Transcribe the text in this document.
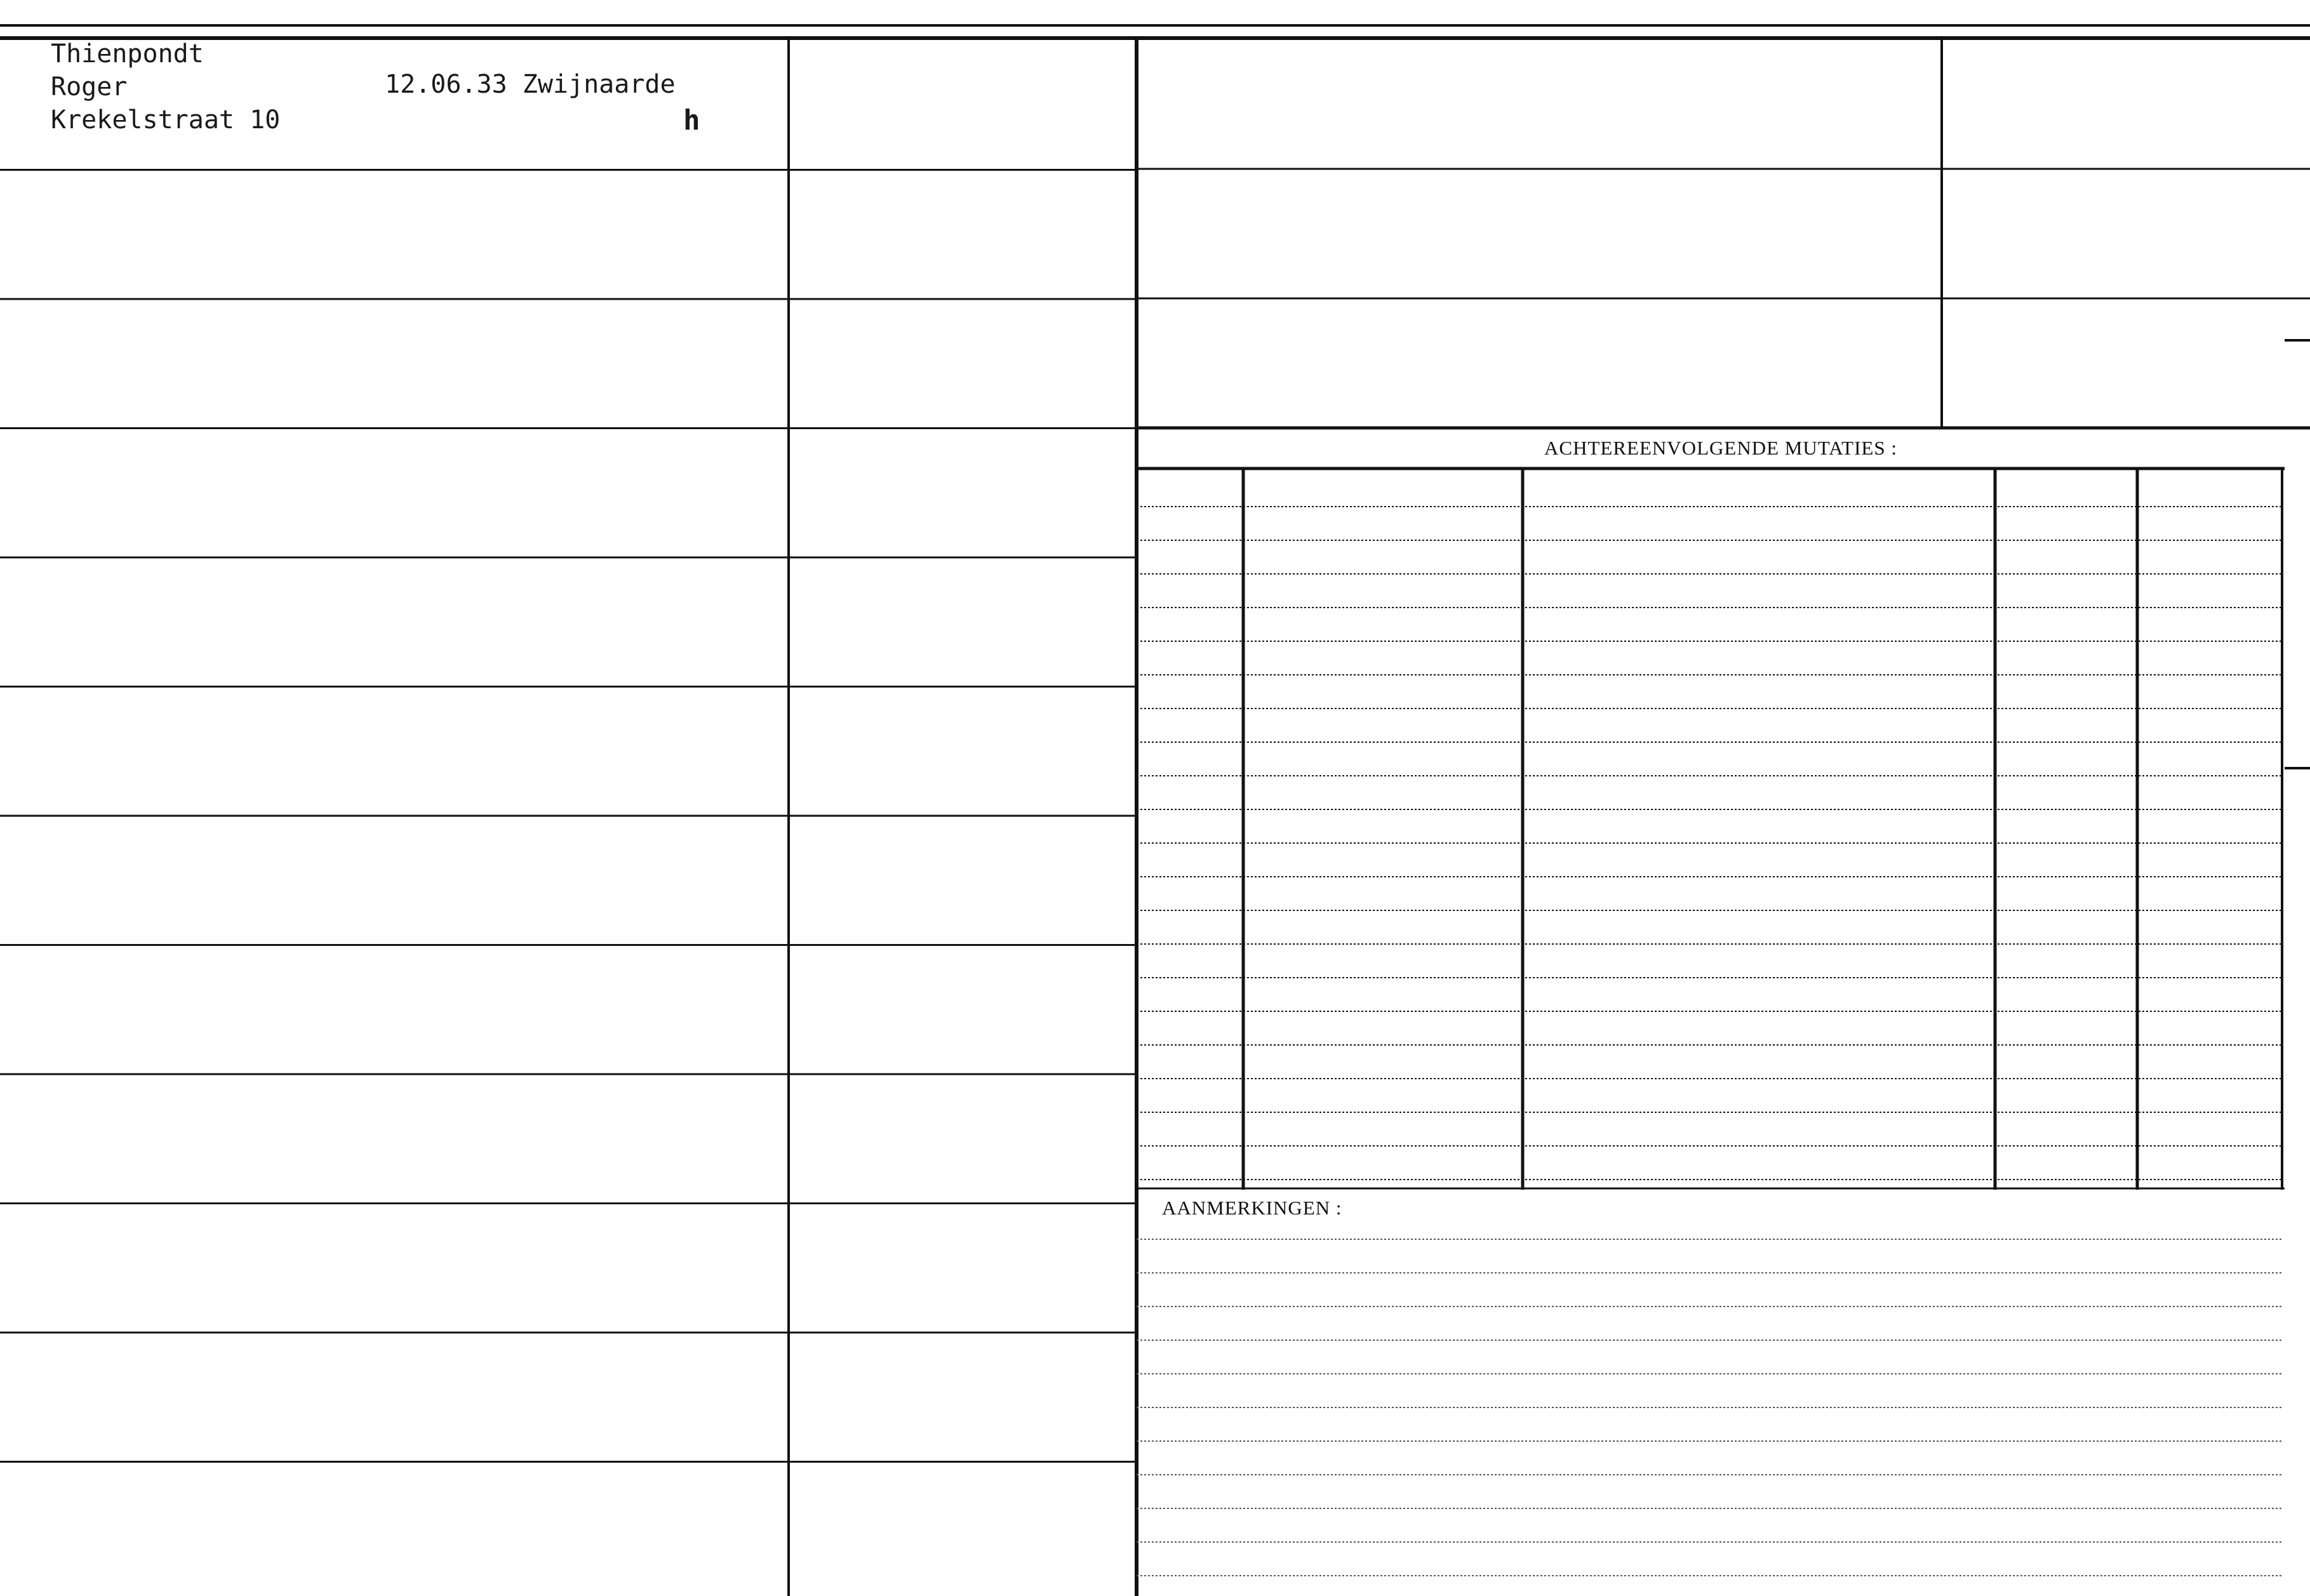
ACHTEREENVOLGENDE MUTATIES :
AANMERKINGEN :
Thienpondt
Roger
Krekelstraat 10
12.06.33 Zwijnaarde
h
